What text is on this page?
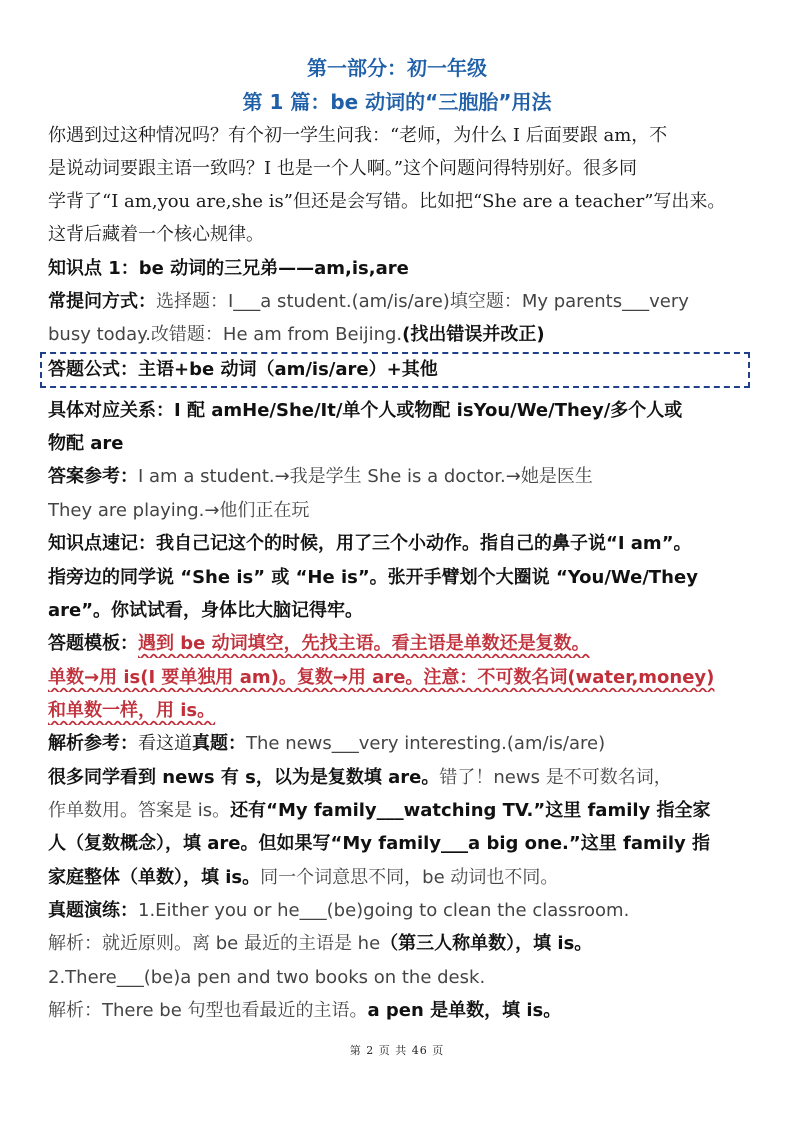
第一部分：初一年级
第 1 篇：be 动词的“三胞胎”用法

你遇到过这种情况吗？有个初一学生问我：“老师，为什么 I 后面要跟 am，不

是说动词要跟主语一致吗？I 也是一个人啊。”这个问题问得特别好。很多同

学背了“I am,you are,she is”但还是会写错。比如把“She are a teacher”写出来。

这背后藏着一个核心规律。

知识点 1：be 动词的三兄弟——am,is,are

常提问方式：选择题：I___a student.(am/is/are)填空题：My parents___very

busy today.改错题：He am from Beijing.(找出错误并改正)

答题公式：主语+be 动词（am/is/are）+其他

具体对应关系：I 配 amHe/She/It/单个人或物配 isYou/We/They/多个人或

物配 are

答案参考：I am a student.→我是学生 She is a doctor.→她是医生

They are playing.→他们正在玩

知识点速记：我自己记这个的时候，用了三个小动作。指自己的鼻子说“I am”。

指旁边的同学说 “She is” 或 “He is”。张开手臂划个大圈说 “You/We/They

are”。你试试看，身体比大脑记得牢。

答题模板：遇到 be 动词填空，先找主语。看主语是单数还是复数。

单数→用 is(I 要单独用 am)。复数→用 are。注意：不可数名词(water,money)

和单数一样，用 is。

解析参考：看这道真题：The news___very interesting.(am/is/are)

很多同学看到 news 有 s，以为是复数填 are。错了！news 是不可数名词，

作单数用。答案是 is。还有“My family___watching TV.”这里 family 指全家

人（复数概念），填 are。但如果写“My family___a big one.”这里 family 指

家庭整体（单数），填 is。同一个词意思不同，be 动词也不同。

真题演练：1.Either you or he___(be)going to clean the classroom.

解析：就近原则。离 be 最近的主语是 he（第三人称单数），填 is。

2.There___(be)a pen and two books on the desk.

解析：There be 句型也看最近的主语。a pen 是单数，填 is。

第 2 页 共 46 页
